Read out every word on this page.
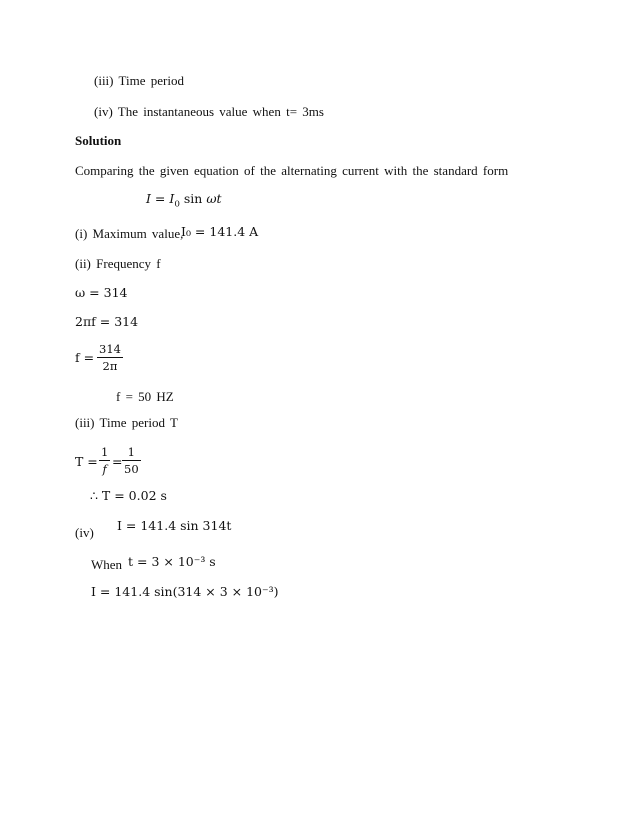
(iii) Time period
(iv) The instantaneous value when t= 3ms
Solution
Comparing the given equation of the alternating current with the standard form
$I = I_0$ sin ωt
(i) Maximum value,
I₀ = 141.4 A
(ii) Frequency f
ω = 314
2πf = 314
f =
314
2π
f = 50 HZ
(iii) Time period T
T =
1
f =
1
50
∴ T = 0.02 s
(iv) I = 141.4 sin 314t
When t = 3 × 10⁻³ s
I = 141.4 sin(314 × 3 × 10⁻³)
